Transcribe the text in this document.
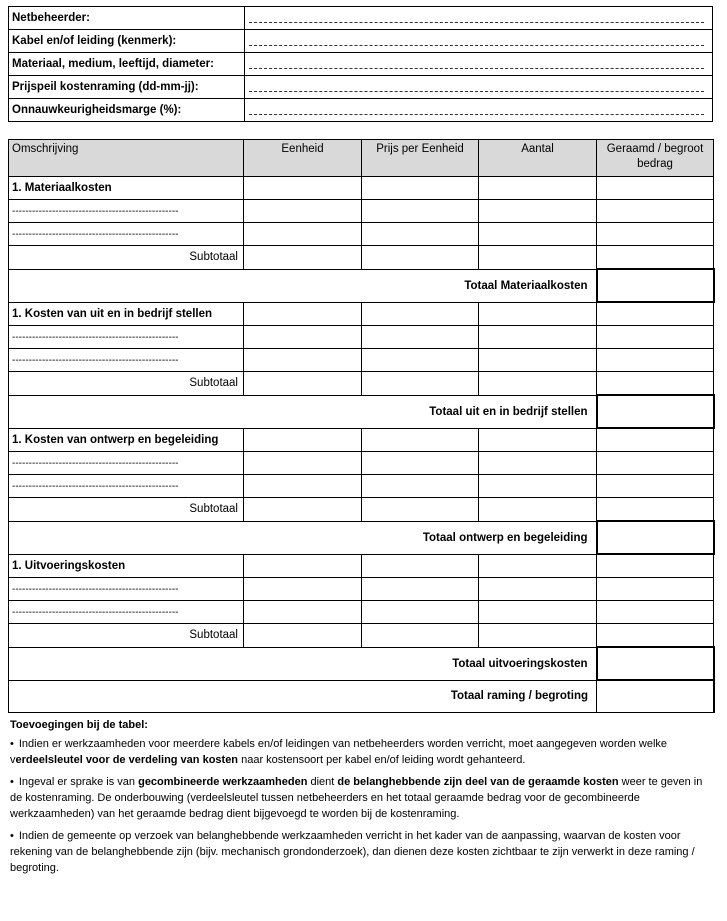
Netbeheerder:	

Kabel en/of leiding (kenmerk):	

Materiaal, medium, leeftijd, diameter:	

Prijspeil kostenraming (dd-mm-jj):	

Onnauwkeurigheidsmarge (%):	
Omschrijving	Eenheid	Prijs per Eenheid	Aantal	Geraamd / begroot bedrag
1. Materiaalkosten				
--------------------------------------------------				
--------------------------------------------------				
Subtotaal				
Totaal Materiaalkosten				
1. Kosten van uit en in bedrijf stellen				
--------------------------------------------------				
--------------------------------------------------				
Subtotaal				
Totaal uit en in bedrijf stellen				
1. Kosten van ontwerp en begeleiding				
--------------------------------------------------				
--------------------------------------------------				
Subtotaal				
Totaal ontwerp en begeleiding				
1. Uitvoeringskosten				
--------------------------------------------------				
--------------------------------------------------				
Subtotaal				
Totaal uitvoeringskosten				
Totaal raming / begroting				
Toevoegingen bij de tabel:

• Indien er werkzaamheden voor meerdere kabels en/of leidingen van netbeheerders worden verricht, moet aangegeven worden welke verdeelsleutel voor de verdeling van kosten naar kostensoort per kabel en/of leiding wordt gehanteerd.

• Ingeval er sprake is van gecombineerde werkzaamheden dient de belanghebbende zijn deel van de geraamde kosten weer te geven in de kostenraming. De onderbouwing (verdeelsleutel tussen netbeheerders en het totaal geraamde bedrag voor de gecombineerde werkzaamheden) van het geraamde bedrag dient bijgevoegd te worden bij de kostenraming.

• Indien de gemeente op verzoek van belanghebbende werkzaamheden verricht in het kader van de aanpassing, waarvan de kosten voor rekening van de belanghebbende zijn (bijv. mechanisch grondonderzoek), dan dienen deze kosten zichtbaar te zijn verwerkt in deze raming / begroting.
